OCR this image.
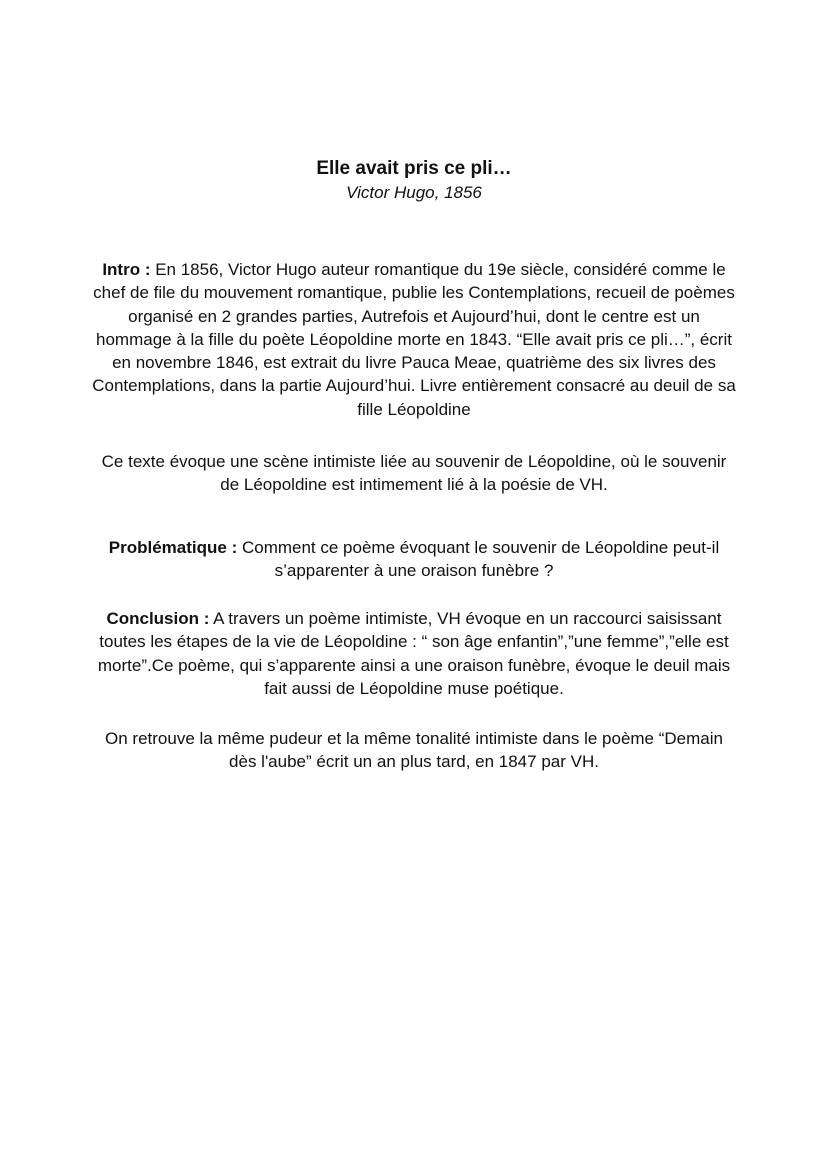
Elle avait pris ce pli…

Victor Hugo, 1856

Intro : En 1856, Victor Hugo auteur romantique du 19e siècle, considéré comme le chef de file du mouvement romantique, publie les Contemplations, recueil de poèmes organisé en 2 grandes parties, Autrefois et Aujourd’hui, dont le centre est un hommage à la fille du poète Léopoldine morte en 1843. “Elle avait pris ce pli…”, écrit en novembre 1846, est extrait du livre Pauca Meae, quatrième des six livres des Contemplations, dans la partie Aujourd’hui. Livre entièrement consacré au deuil de sa fille Léopoldine

Ce texte évoque une scène intimiste liée au souvenir de Léopoldine, où le souvenir de Léopoldine est intimement lié à la poésie de VH.

Problématique : Comment ce poème évoquant le souvenir de Léopoldine peut-il s’apparenter à une oraison funèbre ?

Conclusion : A travers un poème intimiste, VH évoque en un raccourci saisissant toutes les étapes de la vie de Léopoldine : “ son âge enfantin”,”une femme”,”elle est morte”.Ce poème, qui s’apparente ainsi a une oraison funèbre, évoque le deuil mais fait aussi de Léopoldine muse poétique.

On retrouve la même pudeur et la même tonalité intimiste dans le poème “Demain dès l'aube” écrit un an plus tard, en 1847 par VH.
